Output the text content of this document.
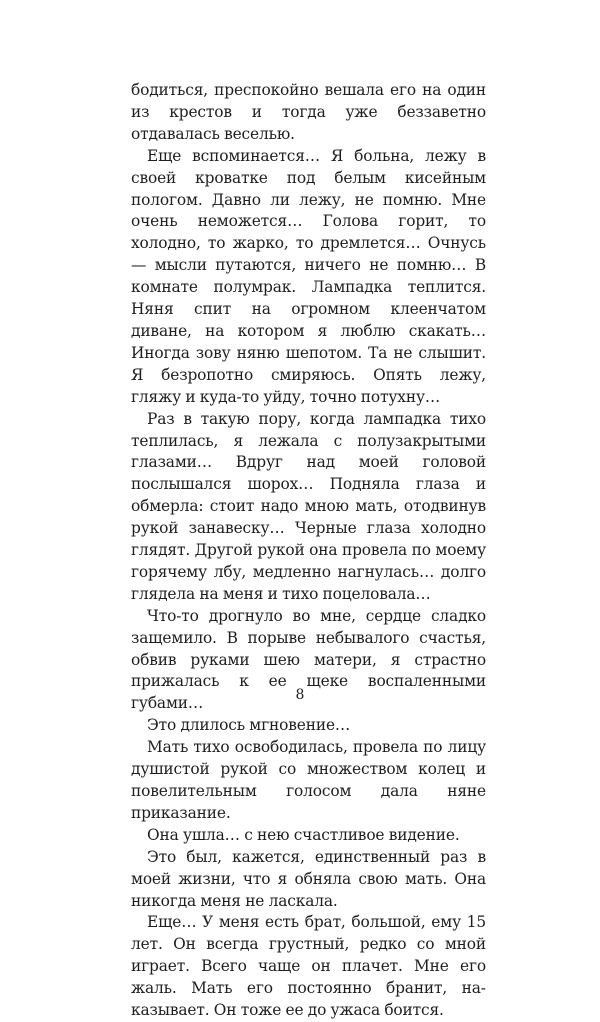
бодиться, преспокойно вешала его на один из крестов и тогда уже беззаветно отдавалась веселью.

Еще вспоминается… Я больна, лежу в своей кроватке под белым кисейным пологом. Давно ли лежу, не помню. Мне очень неможется… Голова горит, то холодно, то жарко, то дремлется… Очнусь — мысли путаются, ничего не помню… В комнате полумрак. Лампадка теплится. Няня спит на огромном клеенчатом диване, на котором я люблю скакать… Иногда зову няню шепотом. Та не слышит. Я безропотно смиряюсь. Опять лежу, гляжу и куда-то уйду, точно потухну…

Раз в такую пору, когда лампадка тихо теплилась, я лежала с полузакрытыми глазами… Вдруг над моей головой послышался шорох… Подняла глаза и обмерла: стоит надо мною мать, отодвинув рукой занавеску… Черные глаза холодно глядят. Другой рукой она провела по моему горячему лбу, медленно нагнулась… долго глядела на меня и тихо поцеловала…

Что-то дрогнуло во мне, сердце сладко защемило. В порыве небывалого счастья, обвив руками шею матери, я страстно прижалась к ее щеке воспаленными губами…

Это длилось мгновение…

Мать тихо освободилась, провела по лицу душистой рукой со множеством колец и повелительным голосом дала няне приказание.

Она ушла… с нею счастливое видение.

Это был, кажется, единственный раз в моей жизни, что я обняла свою мать. Она никогда меня не ласкала.

Еще… У меня есть брат, большой, ему 15 лет. Он всегда грустный, редко со мной играет. Всего чаще он плачет. Мне его жаль. Мать его постоянно бранит, наказывает. Он тоже ее до ужаса боится.

8
